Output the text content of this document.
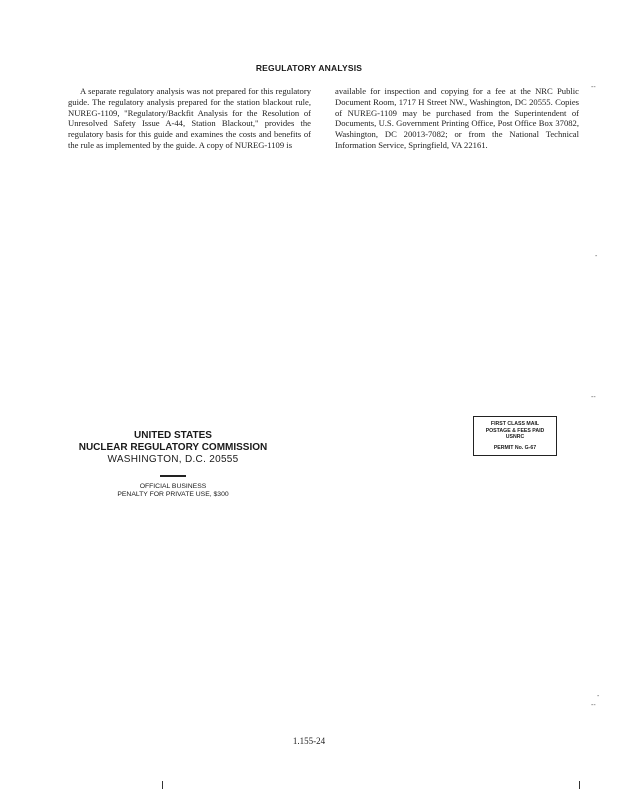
REGULATORY ANALYSIS
A separate regulatory analysis was not prepared for this regulatory guide. The regulatory analysis prepared for the station blackout rule, NUREG-1109, "Regulatory/Backfit Analysis for the Resolution of Unresolved Safety Issue A-44, Station Blackout," provides the regulatory basis for this guide and examines the costs and benefits of the rule as implemented by the guide. A copy of NUREG-1109 is
available for inspection and copying for a fee at the NRC Public Document Room, 1717 H Street NW., Washington, DC 20555. Copies of NUREG-1109 may be purchased from the Superintendent of Documents, U.S. Government Printing Office, Post Office Box 37082, Washington, DC 20013-7082; or from the National Technical Information Service, Springfield, VA 22161.
--
-
--
-
--
UNITED STATES
NUCLEAR REGULATORY COMMISSION
WASHINGTON, D.C. 20555
OFFICIAL BUSINESS
PENALTY FOR PRIVATE USE, $300
FIRST CLASS MAIL
POSTAGE & FEES PAID
USNRC
PERMIT No. G-67
1.155-24
